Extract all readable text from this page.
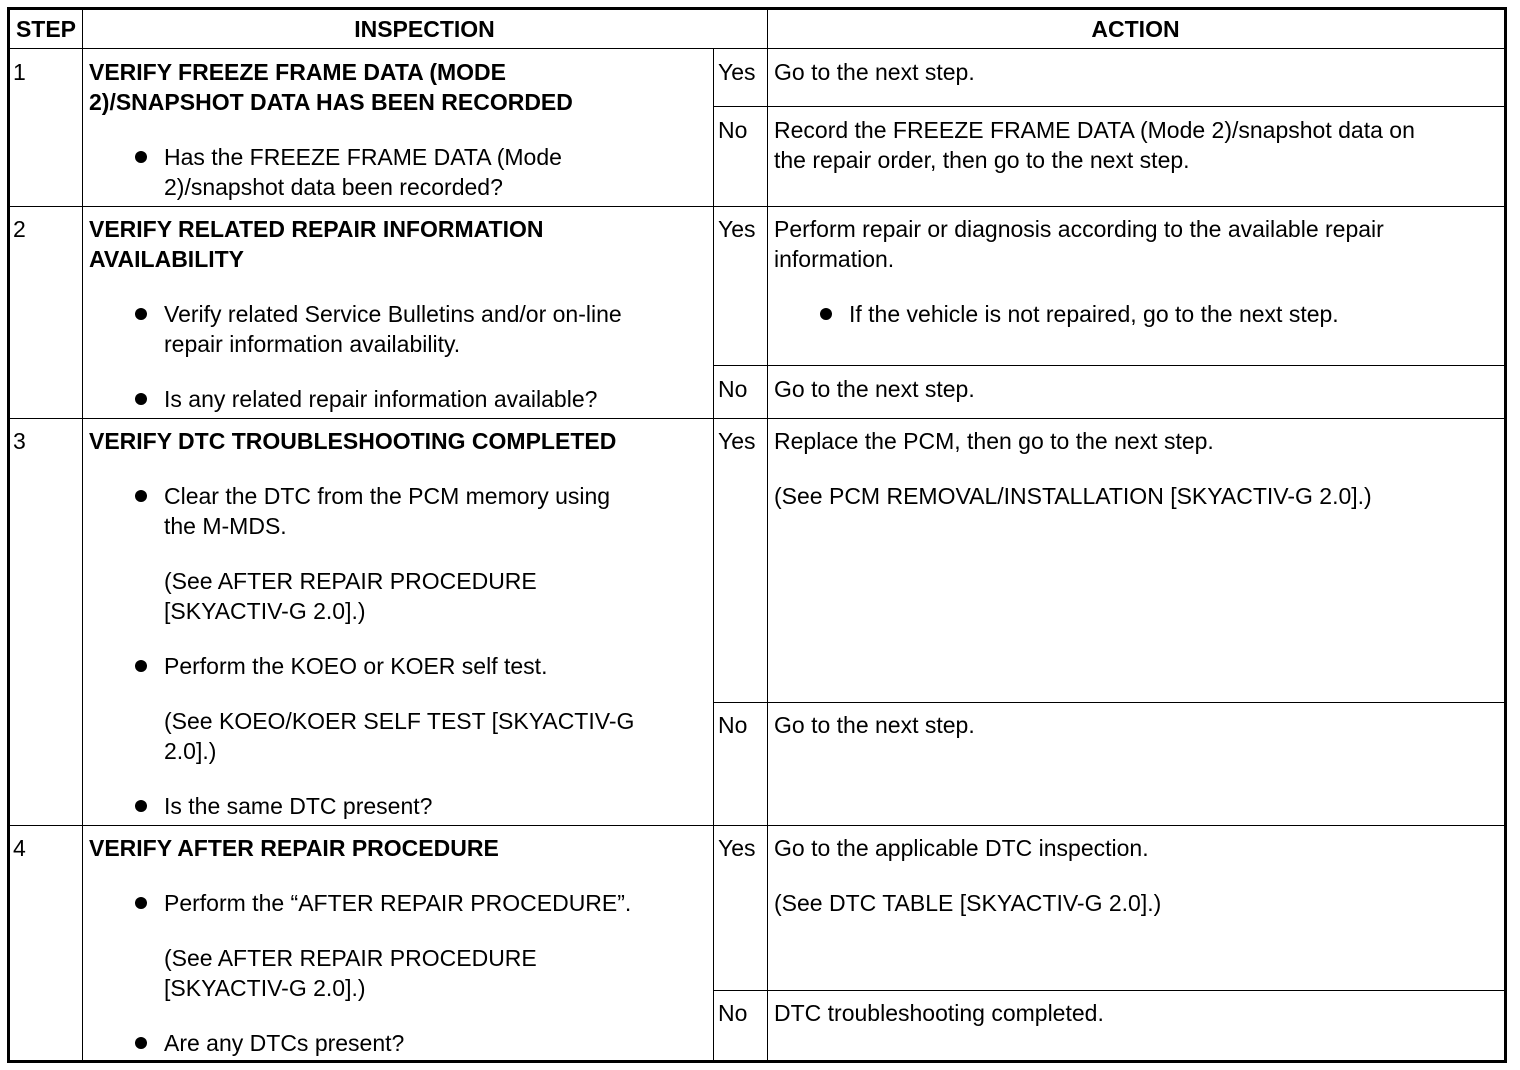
STEP	INSPECTION	ACTION
1	VERIFY FREEZE FRAME DATA (MODE
2)/SNAPSHOT DATA HAS BEEN RECORDED
Has the FREEZE FRAME DATA (Mode
2)/snapshot data been recorded?
Yes Go to the next step.
No Record the FREEZE FRAME DATA (Mode 2)/snapshot data on
the repair order, then go to the next step.
2	VERIFY RELATED REPAIR INFORMATION
AVAILABILITY
Verify related Service Bulletins and/or on-line
repair information availability.
Is any related repair information available?
Yes Perform repair or diagnosis according to the available repair
information.
If the vehicle is not repaired, go to the next step.
No Go to the next step.
3	VERIFY DTC TROUBLESHOOTING COMPLETED
Clear the DTC from the PCM memory using
the M-MDS.
(See AFTER REPAIR PROCEDURE
[SKYACTIV-G 2.0].)
Perform the KOEO or KOER self test.
(See KOEO/KOER SELF TEST [SKYACTIV-G
2.0].)
Is the same DTC present?
Yes Replace the PCM, then go to the next step.
(See PCM REMOVAL/INSTALLATION [SKYACTIV-G 2.0].)
No Go to the next step.
4	VERIFY AFTER REPAIR PROCEDURE
Perform the “AFTER REPAIR PROCEDURE”.
(See AFTER REPAIR PROCEDURE
[SKYACTIV-G 2.0].)
Are any DTCs present?
Yes Go to the applicable DTC inspection.
(See DTC TABLE [SKYACTIV-G 2.0].)
No DTC troubleshooting completed.
